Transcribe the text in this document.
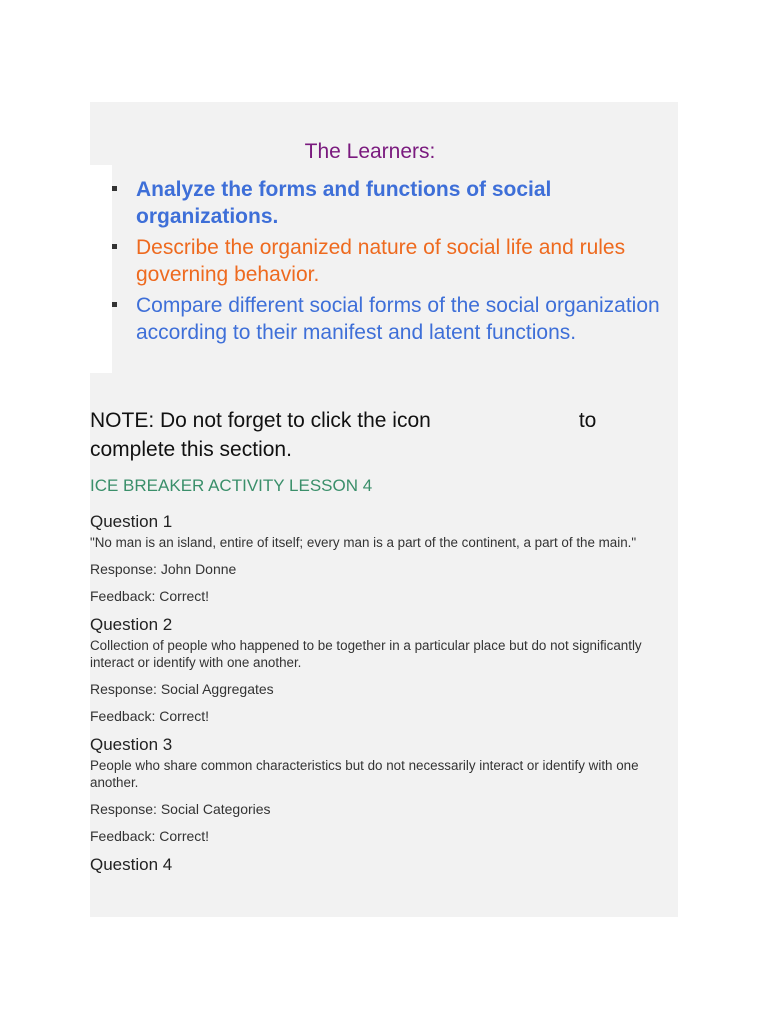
The Learners:
Analyze the forms and functions of social organizations.
Describe the organized nature of social life and rules governing behavior.
Compare different social forms of the social organization according to their manifest and latent functions.
NOTE: Do not forget to click the icon	to complete this section.
ICE BREAKER ACTIVITY LESSON 4

Question 1

"No man is an island, entire of itself; every man is a part of the continent, a part of the main."

Response: John Donne

Feedback: Correct!

Question 2

Collection of people who happened to be together in a particular place but do not significantly interact or identify with one another.

Response: Social Aggregates

Feedback: Correct!

Question 3

People who share common characteristics but do not necessarily interact or identify with one another.

Response: Social Categories

Feedback: Correct!

Question 4
